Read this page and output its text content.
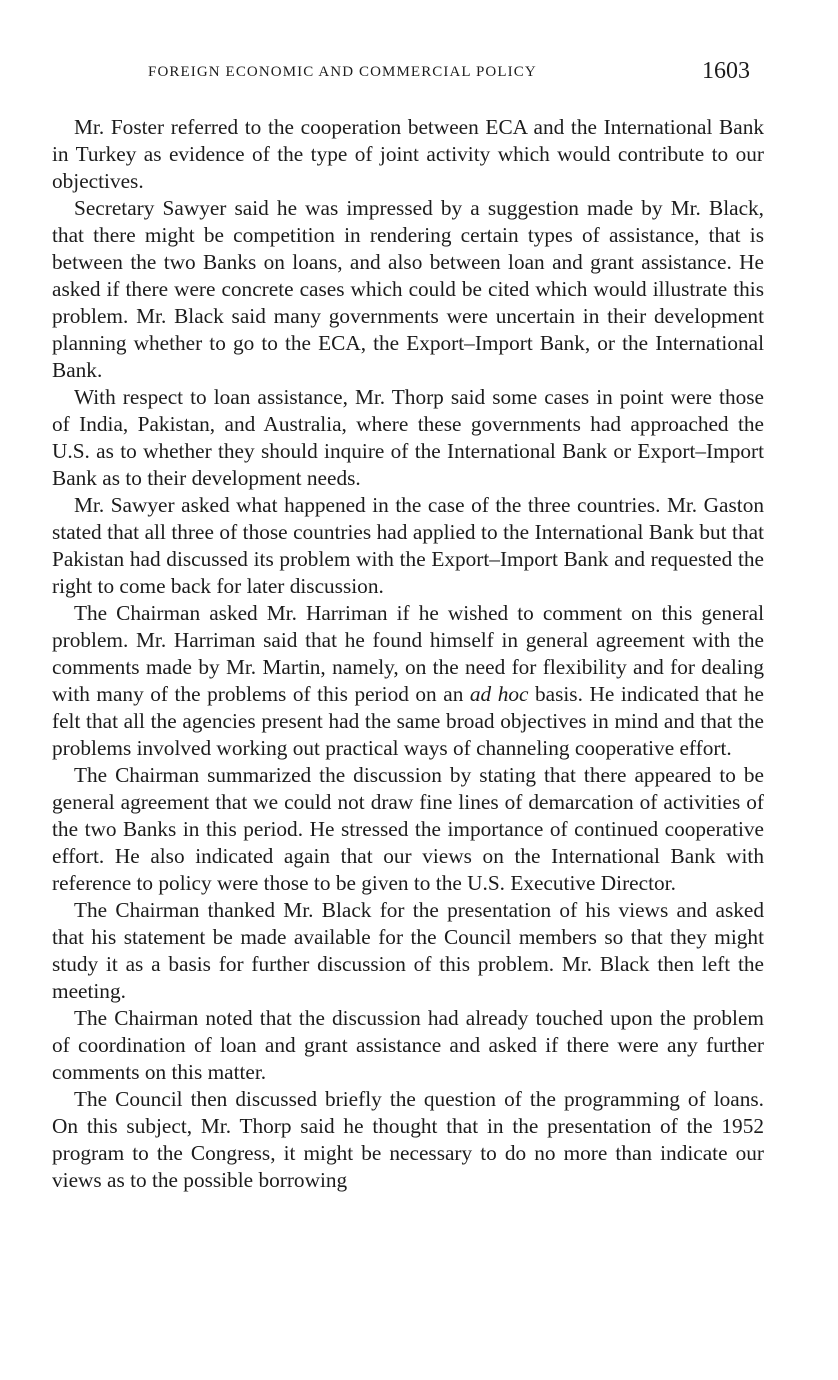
FOREIGN ECONOMIC AND COMMERCIAL POLICY	1603

Mr. Foster referred to the cooperation between ECA and the International Bank in Turkey as evidence of the type of joint activity which would contribute to our objectives.

Secretary Sawyer said he was impressed by a suggestion made by Mr. Black, that there might be competition in rendering certain types of assistance, that is between the two Banks on loans, and also between loan and grant assistance. He asked if there were concrete cases which could be cited which would illustrate this problem. Mr. Black said many governments were uncertain in their development planning whether to go to the ECA, the Export–Import Bank, or the International Bank.

With respect to loan assistance, Mr. Thorp said some cases in point were those of India, Pakistan, and Australia, where these governments had approached the U.S. as to whether they should inquire of the International Bank or Export–Import Bank as to their development needs.

Mr. Sawyer asked what happened in the case of the three countries. Mr. Gaston stated that all three of those countries had applied to the International Bank but that Pakistan had discussed its problem with the Export–Import Bank and requested the right to come back for later discussion.

The Chairman asked Mr. Harriman if he wished to comment on this general problem. Mr. Harriman said that he found himself in general agreement with the comments made by Mr. Martin, namely, on the need for flexibility and for dealing with many of the problems of this period on an ad hoc basis. He indicated that he felt that all the agencies present had the same broad objectives in mind and that the problems involved working out practical ways of channeling cooperative effort.

The Chairman summarized the discussion by stating that there appeared to be general agreement that we could not draw fine lines of demarcation of activities of the two Banks in this period. He stressed the importance of continued cooperative effort. He also indicated again that our views on the International Bank with reference to policy were those to be given to the U.S. Executive Director.

The Chairman thanked Mr. Black for the presentation of his views and asked that his statement be made available for the Council members so that they might study it as a basis for further discussion of this problem. Mr. Black then left the meeting.

The Chairman noted that the discussion had already touched upon the problem of coordination of loan and grant assistance and asked if there were any further comments on this matter.

The Council then discussed briefly the question of the programming of loans. On this subject, Mr. Thorp said he thought that in the presentation of the 1952 program to the Congress, it might be necessary to do no more than indicate our views as to the possible borrowing
